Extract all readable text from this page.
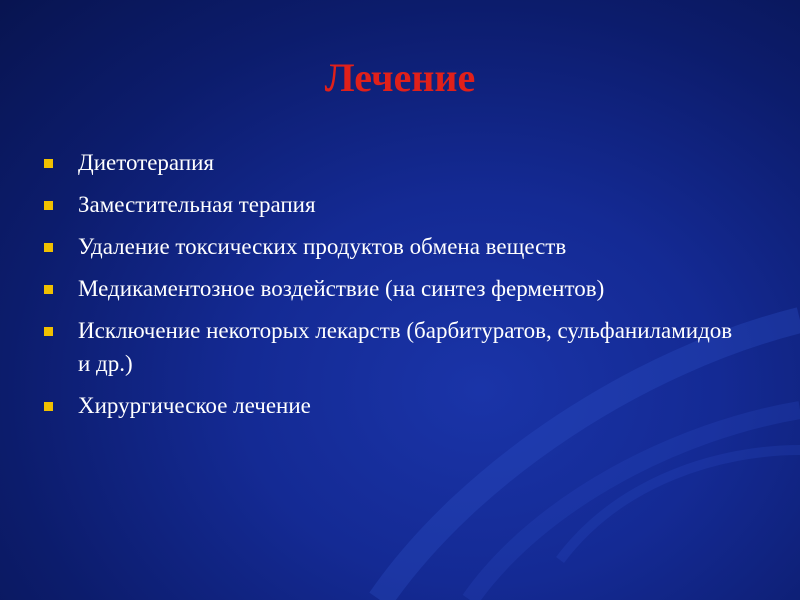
Лечение
Диетотерапия
Заместительная терапия
Удаление токсических продуктов обмена веществ
Медикаментозное воздействие (на синтез ферментов)
Исключение некоторых лекарств (барбитуратов, сульфаниламидов и др.)
Хирургическое лечение
